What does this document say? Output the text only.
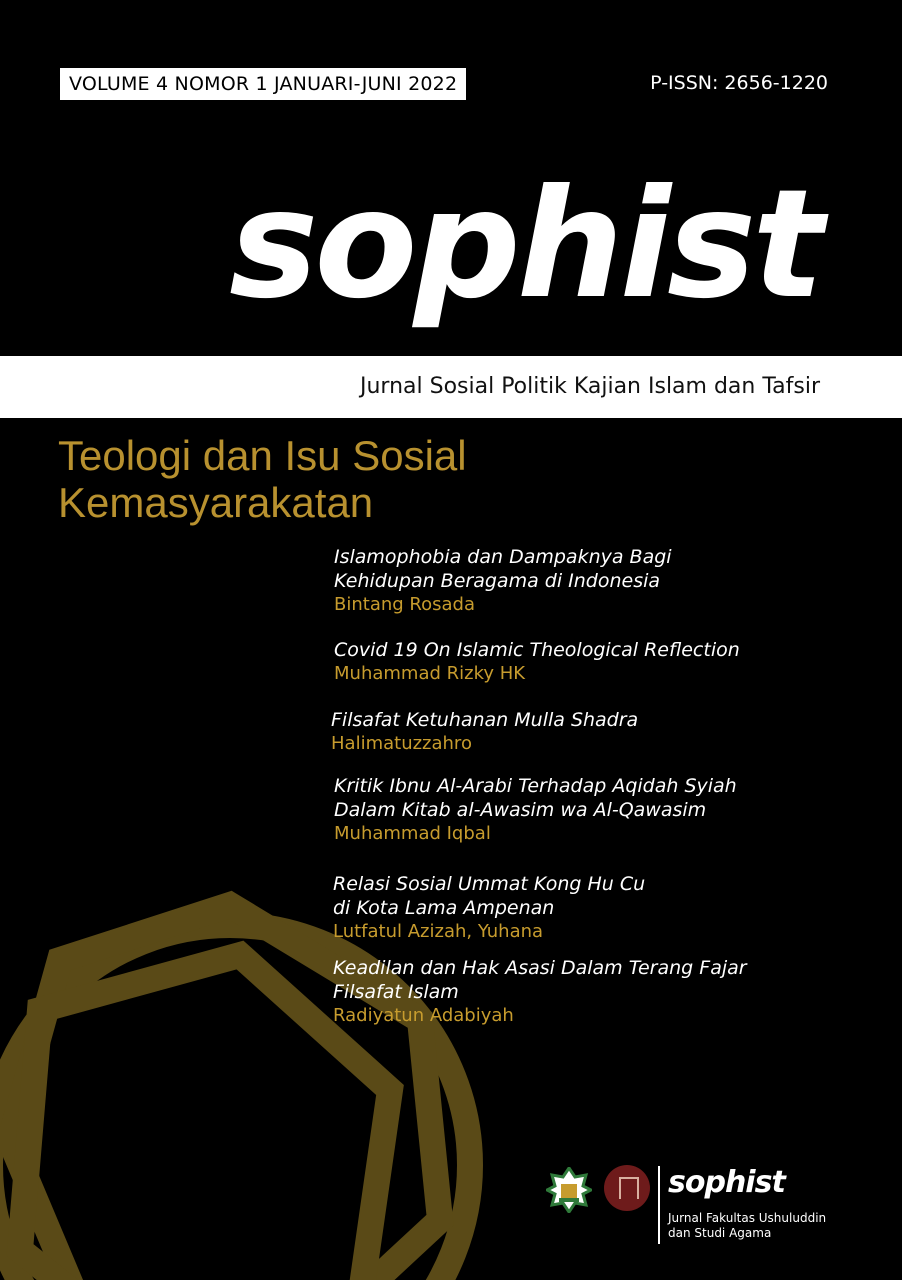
VOLUME 4 NOMOR 1 JANUARI-JUNI 2022	P-ISSN: 2656-1220
sophist
Jurnal Sosial Politik Kajian Islam dan Tafsir
Teologi dan Isu Sosial
Kemasyarakatan
Islamophobia dan Dampaknya Bagi
Kehidupan Beragama di Indonesia
Bintang Rosada
Covid 19 On Islamic Theological Reflection
Muhammad Rizky HK
Filsafat Ketuhanan Mulla Shadra
Halimatuzzahro
Kritik Ibnu Al-Arabi Terhadap Aqidah Syiah
Dalam Kitab al-Awasim wa Al-Qawasim
Muhammad Iqbal
Relasi Sosial Ummat Kong Hu Cu
di Kota Lama Ampenan
Lutfatul Azizah, Yuhana
Keadilan dan Hak Asasi Dalam Terang Fajar
Filsafat Islam
Radiyatun Adabiyah
sophist
Jurnal Fakultas Ushuluddin
dan Studi Agama
